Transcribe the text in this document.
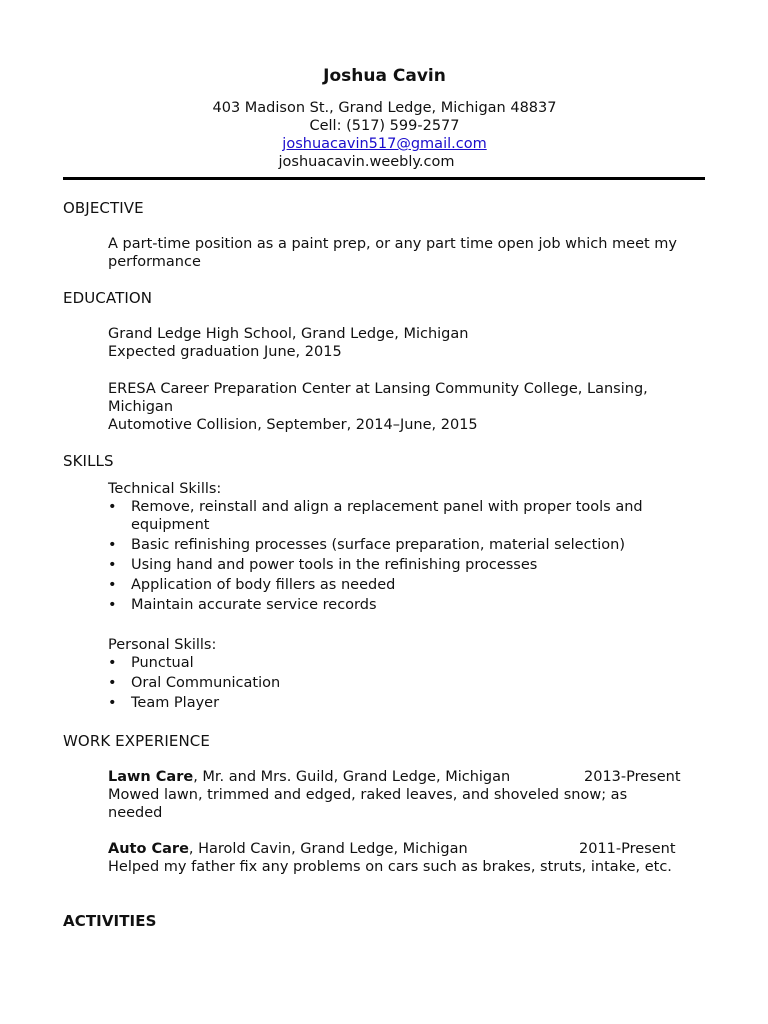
Joshua Cavin
403 Madison St., Grand Ledge, Michigan 48837
Cell: (517) 599-2577
joshuacavin517@gmail.com
joshuacavin.weebly.com
OBJECTIVE
A part-time position as a paint prep, or any part time open job which meet my performance
EDUCATION

Grand Ledge High School, Grand Ledge, Michigan

Expected graduation June, 2015

ERESA Career Preparation Center at Lansing Community College, Lansing,

Michigan

Automotive Collision, September, 2014–June, 2015

SKILLS

Technical Skills:

• Remove, reinstall and align a replacement panel with proper tools and equipment
• Basic refinishing processes (surface preparation, material selection)
• Using hand and power tools in the refinishing processes
• Application of body fillers as needed
• Maintain accurate service records

Personal Skills:

• Punctual
• Oral Communication
• Team Player
WORK EXPERIENCE
Lawn Care, Mr. and Mrs. Guild, Grand Ledge, Michigan	2013-Present

Mowed lawn, trimmed and edged, raked leaves, and shoveled snow; as needed

Auto Care, Harold Cavin, Grand Ledge, Michigan	2011-Present

Helped my father fix any problems on cars such as brakes, struts, intake, etc.

ACTIVITIES
